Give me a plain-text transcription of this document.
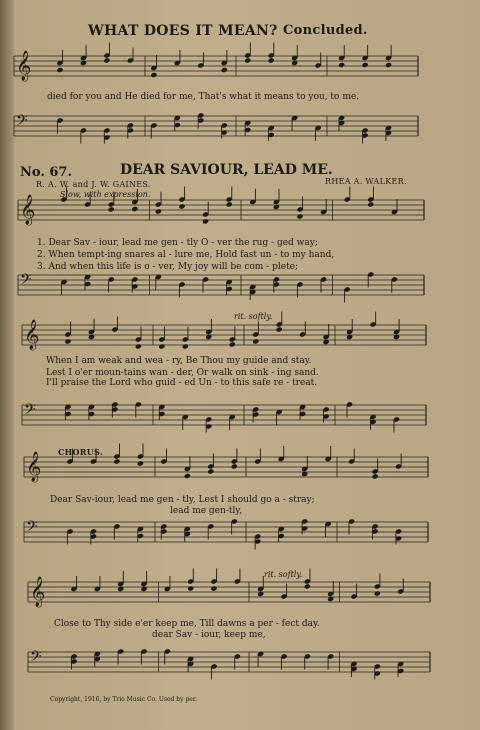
WHAT DOES IT MEAN? Concluded.
𝄞
𝄢
𝄞
𝄢
𝄞
𝄢
𝄞
𝄢
𝄞
𝄢
died for you and He died for me, That's what it means to you, to me.
No. 67.	DEAR SAVIOUR, LEAD ME.
R. A. W. and J. W. GAINES.	RHEA A. WALKER.
Slow, with expression.
1. Dear Sav - iour, lead me gen - tly O - ver the rug - ged way;
2. When tempt-ing snares al - lure me, Hold fast un - to my hand,
3. And when this life is o - ver, My joy will be com - plete;
rit. softly.
When I am weak and wea - ry, Be Thou my guide and stay.
Lest I o'er moun-tains wan - der, Or walk on sink - ing sand.
I'll praise the Lord who guid - ed Un - to this safe re - treat.
CHORUS.
Dear Sav-iour, lead me gen - tly, Lest I should go a - stray;
lead me gen-tly,
rit. softly.
Close to Thy side e'er keep me, Till dawns a per - fect day.
dear Sav - iour, keep me,
Copyright, 1916, by Trio Music Co. Used by per.
